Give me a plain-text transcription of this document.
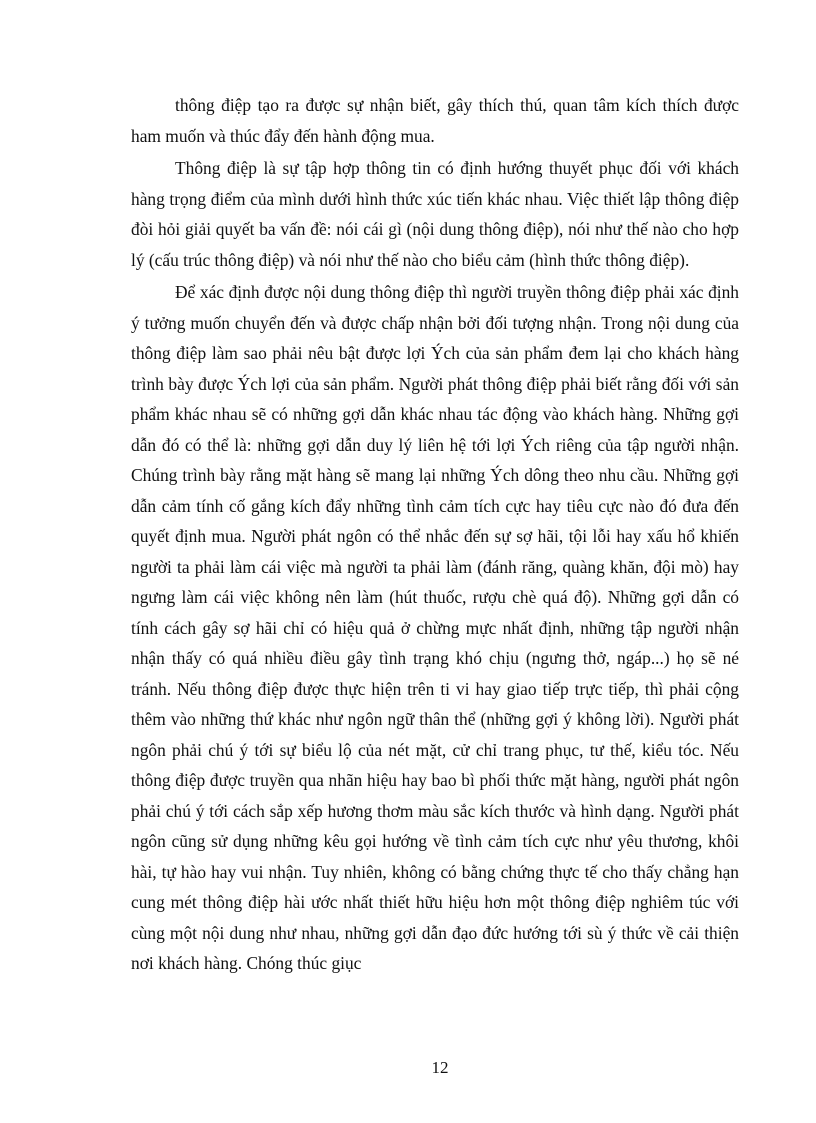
thông điệp tạo ra được sự nhận biết, gây thích thú, quan tâm kích thích được ham muốn và thúc đẩy đến hành động mua.

Thông điệp là sự tập hợp thông tin có định hướng thuyết phục đối với khách hàng trọng điểm của mình dưới hình thức xúc tiến khác nhau. Việc thiết lập thông điệp đòi hỏi giải quyết ba vấn đề: nói cái gì (nội dung thông điệp), nói như thế nào cho hợp lý (cấu trúc thông điệp) và nói như thế nào cho biểu cảm (hình thức thông điệp).

Để xác định được nội dung thông điệp thì người truyền thông điệp phải xác định ý tưởng muốn chuyển đến và được chấp nhận bởi đối tượng nhận. Trong nội dung của thông điệp làm sao phải nêu bật được lợi Ých của sản phẩm đem lại cho khách hàng trình bày được Ých lợi của sản phẩm. Người phát thông điệp phải biết rằng đối với sản phẩm khác nhau sẽ có những gợi dẫn khác nhau tác động vào khách hàng. Những gợi dẫn đó có thể là: những gợi dẫn duy lý liên hệ tới lợi Ých riêng của tập người nhận. Chúng trình bày rằng mặt hàng sẽ mang lại những Ých dông theo nhu cầu. Những gợi dẫn cảm tính cố gắng kích đẩy những tình cảm tích cực hay tiêu cực nào đó đưa đến quyết định mua. Người phát ngôn có thể nhắc đến sự sợ hãi, tội lỗi hay xấu hổ khiến người ta phải làm cái việc mà người ta phải làm (đánh răng, quàng khăn, đội mò) hay ngưng làm cái việc không nên làm (hút thuốc, rượu chè quá độ). Những gợi dẫn có tính cách gây sợ hãi chỉ có hiệu quả ở chừng mực nhất định, những tập người nhận nhận thấy có quá nhiều điều gây tình trạng khó chịu (ngưng thở, ngáp...) họ sẽ né tránh. Nếu thông điệp được thực hiện trên ti vi hay giao tiếp trực tiếp, thì phải cộng thêm vào những thứ khác như ngôn ngữ thân thể (những gợi ý không lời). Người phát ngôn phải chú ý tới sự biểu lộ của nét mặt, cử chỉ trang phục, tư thế, kiểu tóc. Nếu thông điệp được truyền qua nhãn hiệu hay bao bì phối thức mặt hàng, người phát ngôn phải chú ý tới cách sắp xếp hương thơm màu sắc kích thước và hình dạng. Người phát ngôn cũng sử dụng những kêu gọi hướng về tình cảm tích cực như yêu thương, khôi hài, tự hào hay vui nhận. Tuy nhiên, không có bằng chứng thực tế cho thấy chẳng hạn cung mét thông điệp hài ước nhất thiết hữu hiệu hơn một thông điệp nghiêm túc với cùng một nội dung như nhau, những gợi dẫn đạo đức hướng tới sù ý thức về cải thiện nơi khách hàng. Chóng thúc giục

12
